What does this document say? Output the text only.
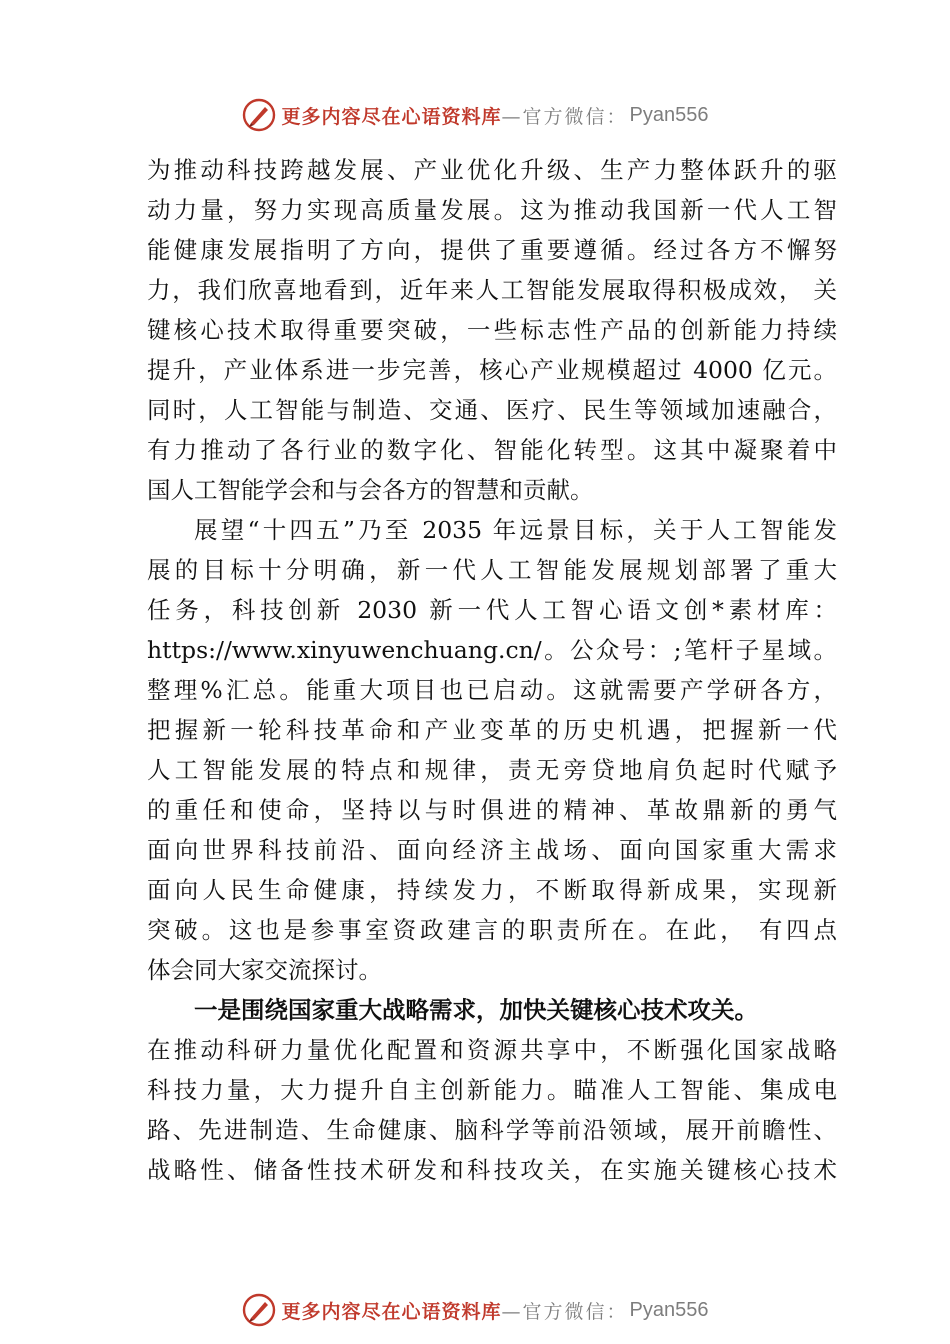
更多内容尽在心语资料库 —官方微信： Pyan556
为推动科技跨越发展、产业优化升级、生产力整体跃升的驱
动力量，努力实现高质量发展。这为推动我国新一代人工智
能健康发展指明了方向，提供了重要遵循。经过各方不懈努
力，我们欣喜地看到，近年来人工智能发展取得积极成效， 关
键核心技术取得重要突破，一些标志性产品的创新能力持续
提升，产业体系进一步完善，核心产业规模超过 4000 亿元。
同时，人工智能与制造、交通、医疗、民生等领域加速融合，
有力推动了各行业的数字化、智能化转型。这其中凝聚着中
国人工智能学会和与会各方的智慧和贡献。
展望“十四五”乃至 2035 年远景目标，关于人工智能发
展的目标十分明确，新一代人工智能发展规划部署了重大
任务，科技创新 2030 新一代人工智心语文创*素材库：
https://www.xinyuwenchuang.cn/。公众号：;笔杆子星域。
整理%汇总。能重大项目也已启动。这就需要产学研各方，
把握新一轮科技革命和产业变革的历史机遇，把握新一代
人工智能发展的特点和规律，责无旁贷地肩负起时代赋予
的重任和使命，坚持以与时俱进的精神、革故鼎新的勇气
面向世界科技前沿、面向经济主战场、面向国家重大需求
面向人民生命健康，持续发力，不断取得新成果，实现新
突破。这也是参事室资政建言的职责所在。在此， 有四点
体会同大家交流探讨。
一是围绕国家重大战略需求，加快关键核心技术攻关。
在推动科研力量优化配置和资源共享中，不断强化国家战略
科技力量，大力提升自主创新能力。瞄准人工智能、集成电
路、先进制造、生命健康、脑科学等前沿领域，展开前瞻性、
战略性、储备性技术研发和科技攻关，在实施关键核心技术
更多内容尽在心语资料库 —官方微信： Pyan556
